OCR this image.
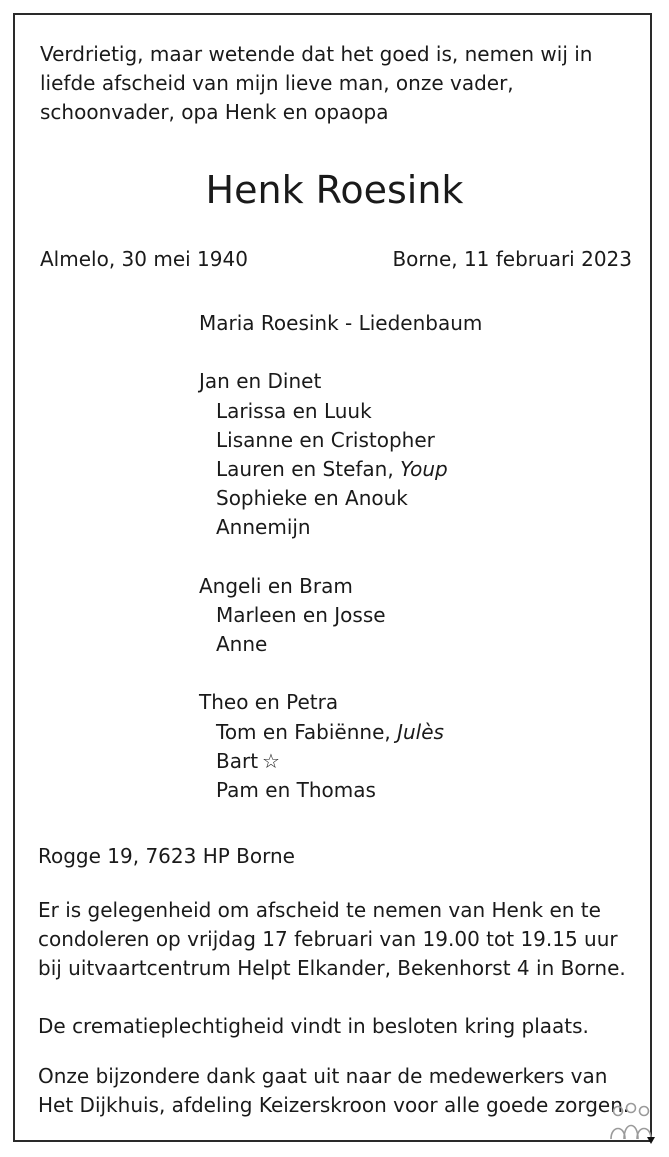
Verdrietig, maar wetende dat het goed is, nemen wij in liefde afscheid van mijn lieve man, onze vader, schoonvader, opa Henk en opaopa
Henk Roesink
Almelo, 30 mei 1940	Borne, 11 februari 2023
Maria Roesink - Liedenbaum
Jan en Dinet
Larissa en Luuk
Lisanne en Cristopher
Lauren en Stefan, Youp
Sophieke en Anouk
Annemijn
Angeli en Bram
Marleen en Josse
Anne
Theo en Petra
Tom en Fabiënne, Julès
Bart ☆
Pam en Thomas
Rogge 19, 7623 HP Borne
Er is gelegenheid om afscheid te nemen van Henk en te condoleren op vrijdag 17 februari van 19.00 tot 19.15 uur bij uitvaartcentrum Helpt Elkander, Bekenhorst 4 in Borne.
De crematieplechtigheid vindt in besloten kring plaats.
Onze bijzondere dank gaat uit naar de medewerkers van Het Dijkhuis, afdeling Keizerskroon voor alle goede zorgen.
